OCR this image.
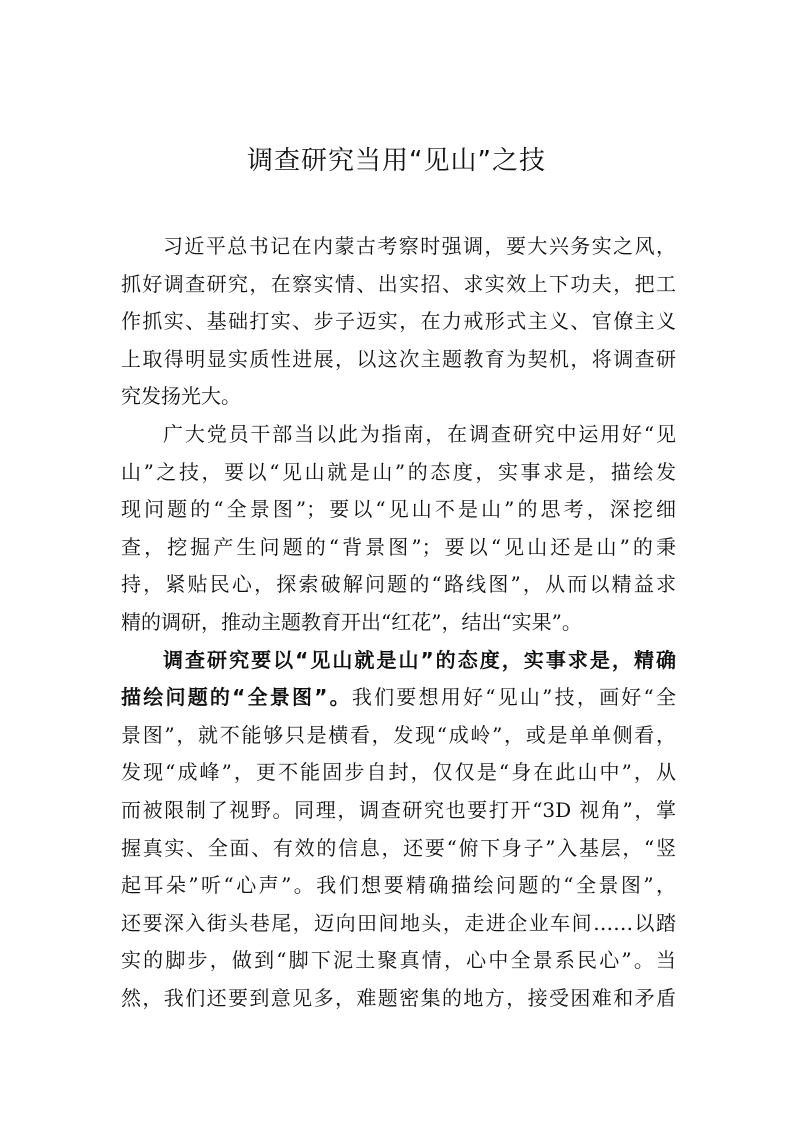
调查研究当用“见山”之技
习近平总书记在内蒙古考察时强调，要大兴务实之风，
抓好调查研究，在察实情、出实招、求实效上下功夫，把工
作抓实、基础打实、步子迈实，在力戒形式主义、官僚主义
上取得明显实质性进展，以这次主题教育为契机，将调查研
究发扬光大。
广大党员干部当以此为指南，在调查研究中运用好“见
山”之技，要以“见山就是山”的态度，实事求是，描绘发
现问题的“全景图”；要以“见山不是山”的思考，深挖细
查，挖掘产生问题的“背景图”；要以“见山还是山”的秉
持，紧贴民心，探索破解问题的“路线图”，从而以精益求
精的调研，推动主题教育开出“红花”，结出“实果”。
调查研究要以“见山就是山”的态度，实事求是，精确
描绘问题的“全景图”。我们要想用好“见山”技，画好“全
景图”，就不能够只是横看，发现“成岭”，或是单单侧看，
发现“成峰”，更不能固步自封，仅仅是“身在此山中”，从
而被限制了视野。同理，调查研究也要打开“3D 视角”，掌
握真实、全面、有效的信息，还要“俯下身子”入基层，“竖
起耳朵”听“心声”。我们想要精确描绘问题的“全景图”，
还要深入街头巷尾，迈向田间地头，走进企业车间……以踏
实的脚步，做到“脚下泥土聚真情，心中全景系民心”。当
然，我们还要到意见多，难题密集的地方，接受困难和矛盾
